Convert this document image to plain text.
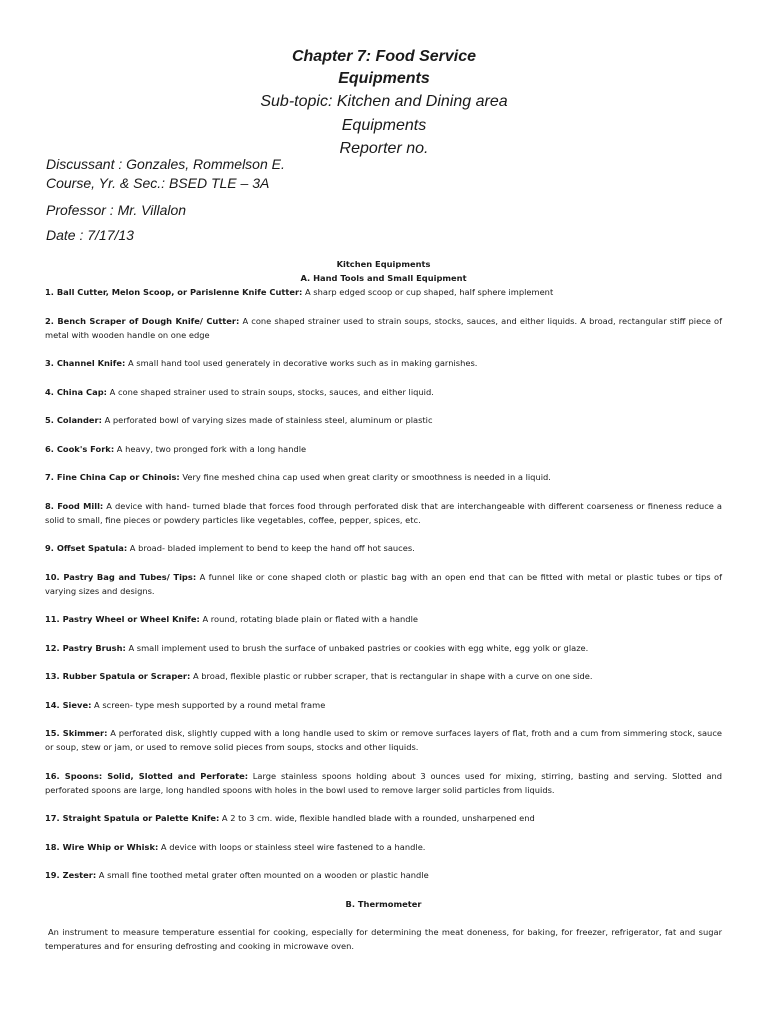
Chapter 7: Food Service
Equipments
Sub-topic: Kitchen and Dining area
Equipments
Reporter no.
Discussant : Gonzales, Rommelson E.
Course, Yr. & Sec.: BSED TLE – 3A
Professor : Mr. Villalon
Date : 7/17/13
Kitchen Equipments
A. Hand Tools and Small Equipment
1. Ball Cutter, Melon Scoop, or Parislenne Knife Cutter: A sharp edged scoop or cup shaped, half sphere implement
2. Bench Scraper of Dough Knife/ Cutter: A cone shaped strainer used to strain soups, stocks, sauces, and either liquids. A broad, rectangular stiff piece of metal with wooden handle on one edge
3. Channel Knife: A small hand tool used generately in decorative works such as in making garnishes.
4. China Cap: A cone shaped strainer used to strain soups, stocks, sauces, and either liquid.
5. Colander: A perforated bowl of varying sizes made of stainless steel, aluminum or plastic
6. Cook's Fork: A heavy, two pronged fork with a long handle
7. Fine China Cap or Chinois: Very fine meshed china cap used when great clarity or smoothness is needed in a liquid.
8. Food Mill: A device with hand- turned blade that forces food through perforated disk that are interchangeable with different coarseness or fineness reduce a solid to small, fine pieces or powdery particles like vegetables, coffee, pepper, spices, etc.
9. Offset Spatula: A broad- bladed implement to bend to keep the hand off hot sauces.
10. Pastry Bag and Tubes/ Tips: A funnel like or cone shaped cloth or plastic bag with an open end that can be fitted with metal or plastic tubes or tips of varying sizes and designs.
11. Pastry Wheel or Wheel Knife: A round, rotating blade plain or flated with a handle
12. Pastry Brush: A small implement used to brush the surface of unbaked pastries or cookies with egg white, egg yolk or glaze.
13. Rubber Spatula or Scraper: A broad, flexible plastic or rubber scraper, that is rectangular in shape with a curve on one side.
14. Sieve: A screen- type mesh supported by a round metal frame
15. Skimmer: A perforated disk, slightly cupped with a long handle used to skim or remove surfaces layers of flat, froth and a cum from simmering stock, sauce or soup, stew or jam, or used to remove solid pieces from soups, stocks and other liquids.
16. Spoons: Solid, Slotted and Perforate: Large stainless spoons holding about 3 ounces used for mixing, stirring, basting and serving. Slotted and perforated spoons are large, long handled spoons with holes in the bowl used to remove larger solid particles from liquids.
17. Straight Spatula or Palette Knife: A 2 to 3 cm. wide, flexible handled blade with a rounded, unsharpened end
18. Wire Whip or Whisk: A device with loops or stainless steel wire fastened to a handle.
19. Zester: A small fine toothed metal grater often mounted on a wooden or plastic handle
B. Thermometer
An instrument to measure temperature essential for cooking, especially for determining the meat doneness, for baking, for freezer, refrigerator, fat and sugar temperatures and for ensuring defrosting and cooking in microwave oven.
